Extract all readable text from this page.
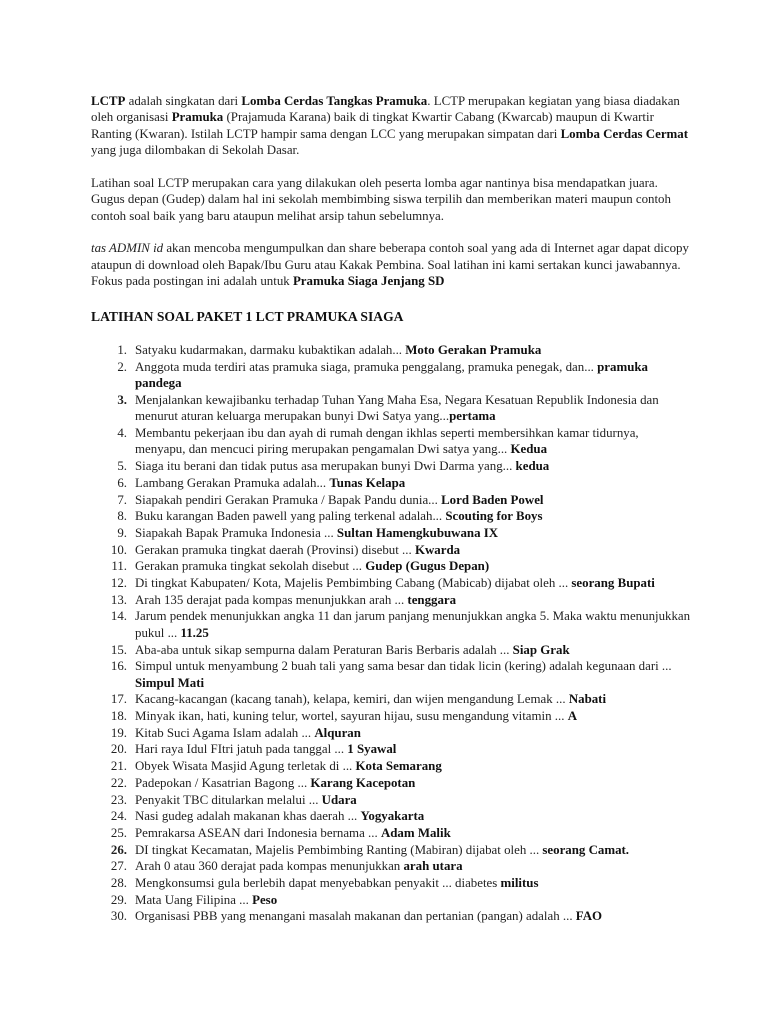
LCTP adalah singkatan dari Lomba Cerdas Tangkas Pramuka. LCTP merupakan kegiatan yang biasa diadakan oleh organisasi Pramuka (Prajamuda Karana) baik di tingkat Kwartir Cabang (Kwarcab) maupun di Kwartir Ranting (Kwaran). Istilah LCTP hampir sama dengan LCC yang merupakan simpatan dari Lomba Cerdas Cermat yang juga dilombakan di Sekolah Dasar.

Latihan soal LCTP merupakan cara yang dilakukan oleh peserta lomba agar nantinya bisa mendapatkan juara. Gugus depan (Gudep) dalam hal ini sekolah membimbing siswa terpilih dan memberikan materi maupun contoh contoh soal baik yang baru ataupun melihat arsip tahun sebelumnya.

tas ADMIN id akan mencoba mengumpulkan dan share beberapa contoh soal yang ada di Internet agar dapat dicopy ataupun di download oleh Bapak/Ibu Guru atau Kakak Pembina. Soal latihan ini kami sertakan kunci jawabannya. Fokus pada postingan ini adalah untuk Pramuka Siaga Jenjang SD

LATIHAN SOAL PAKET 1 LCT PRAMUKA SIAGA
1. Satyaku kudarmakan, darmaku kubaktikan adalah... Moto Gerakan Pramuka
2. Anggota muda terdiri atas pramuka siaga, pramuka penggalang, pramuka penegak, dan... pramuka pandega
3. Menjalankan kewajibanku terhadap Tuhan Yang Maha Esa, Negara Kesatuan Republik Indonesia dan menurut aturan keluarga merupakan bunyi Dwi Satya yang...pertama
4. Membantu pekerjaan ibu dan ayah di rumah dengan ikhlas seperti membersihkan kamar tidurnya, menyapu, dan mencuci piring merupakan pengamalan Dwi satya yang... Kedua
5. Siaga itu berani dan tidak putus asa merupakan bunyi Dwi Darma yang... kedua
6. Lambang Gerakan Pramuka adalah... Tunas Kelapa
7. Siapakah pendiri Gerakan Pramuka / Bapak Pandu dunia... Lord Baden Powel
8. Buku karangan Baden pawell yang paling terkenal adalah... Scouting for Boys
9. Siapakah Bapak Pramuka Indonesia ... Sultan Hamengkubuwana IX
10. Gerakan pramuka tingkat daerah (Provinsi) disebut ... Kwarda
11. Gerakan pramuka tingkat sekolah disebut ... Gudep (Gugus Depan)
12. Di tingkat Kabupaten/ Kota, Majelis Pembimbing Cabang (Mabicab) dijabat oleh ... seorang Bupati
13. Arah 135 derajat pada kompas menunjukkan arah ... tenggara
14. Jarum pendek menunjukkan angka 11 dan jarum panjang menunjukkan angka 5. Maka waktu menunjukkan pukul ... 11.25
15. Aba-aba untuk sikap sempurna dalam Peraturan Baris Berbaris adalah ... Siap Grak
16. Simpul untuk menyambung 2 buah tali yang sama besar dan tidak licin (kering) adalah kegunaan dari ... Simpul Mati
17. Kacang-kacangan (kacang tanah), kelapa, kemiri, dan wijen mengandung Lemak ... Nabati
18. Minyak ikan, hati, kuning telur, wortel, sayuran hijau, susu mengandung vitamin ... A
19. Kitab Suci Agama Islam adalah ... Alquran
20. Hari raya Idul FItri jatuh pada tanggal ... 1 Syawal
21. Obyek Wisata Masjid Agung terletak di ... Kota Semarang
22. Padepokan / Kasatrian Bagong ... Karang Kacepotan
23. Penyakit TBC ditularkan melalui ... Udara
24. Nasi gudeg adalah makanan khas daerah ... Yogyakarta
25. Pemrakarsa ASEAN dari Indonesia bernama ... Adam Malik
26. DI tingkat Kecamatan, Majelis Pembimbing Ranting (Mabiran) dijabat oleh ... seorang Camat.
27. Arah 0 atau 360 derajat pada kompas menunjukkan arah utara
28. Mengkonsumsi gula berlebih dapat menyebabkan penyakit ... diabetes militus
29. Mata Uang Filipina ... Peso
30. Organisasi PBB yang menangani masalah makanan dan pertanian (pangan) adalah ... FAO
